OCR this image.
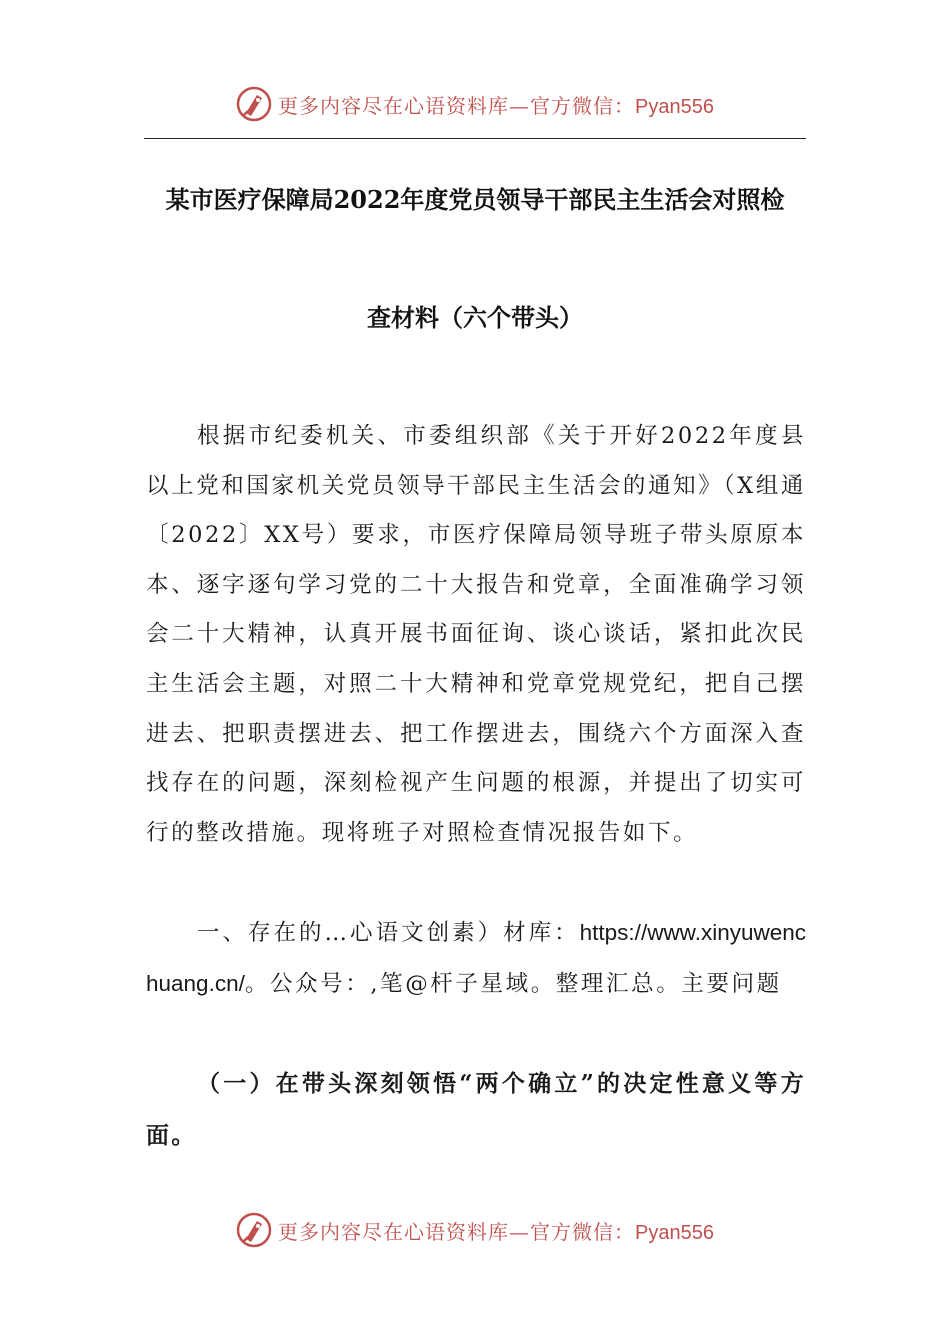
更多内容尽在心语资料库—官方微信：Pyan556
某市医疗保障局2022年度党员领导干部民主生活会对照检
查材料（六个带头）

根据市纪委机关、市委组织部《关于开好2022年度县以上党和国家机关党员领导干部民主生活会的通知》（X组通〔2022〕XX号）要求，市医疗保障局领导班子带头原原本本、逐字逐句学习党的二十大报告和党章，全面准确学习领会二十大精神，认真开展书面征询、谈心谈话，紧扣此次民主生活会主题，对照二十大精神和党章党规党纪，把自己摆进去、把职责摆进去、把工作摆进去，围绕六个方面深入查找存在的问题，深刻检视产生问题的根源，并提出了切实可行的整改措施。现将班子对照检查情况报告如下。

一、存在的…心语文创素）材库：https://www.xinyuwenchuang.cn/。公众号：,笔@杆子星域。整理汇总。主要问题

（一）在带头深刻领悟“两个确立”的决定性意义等方面。

更多内容尽在心语资料库—官方微信：Pyan556
